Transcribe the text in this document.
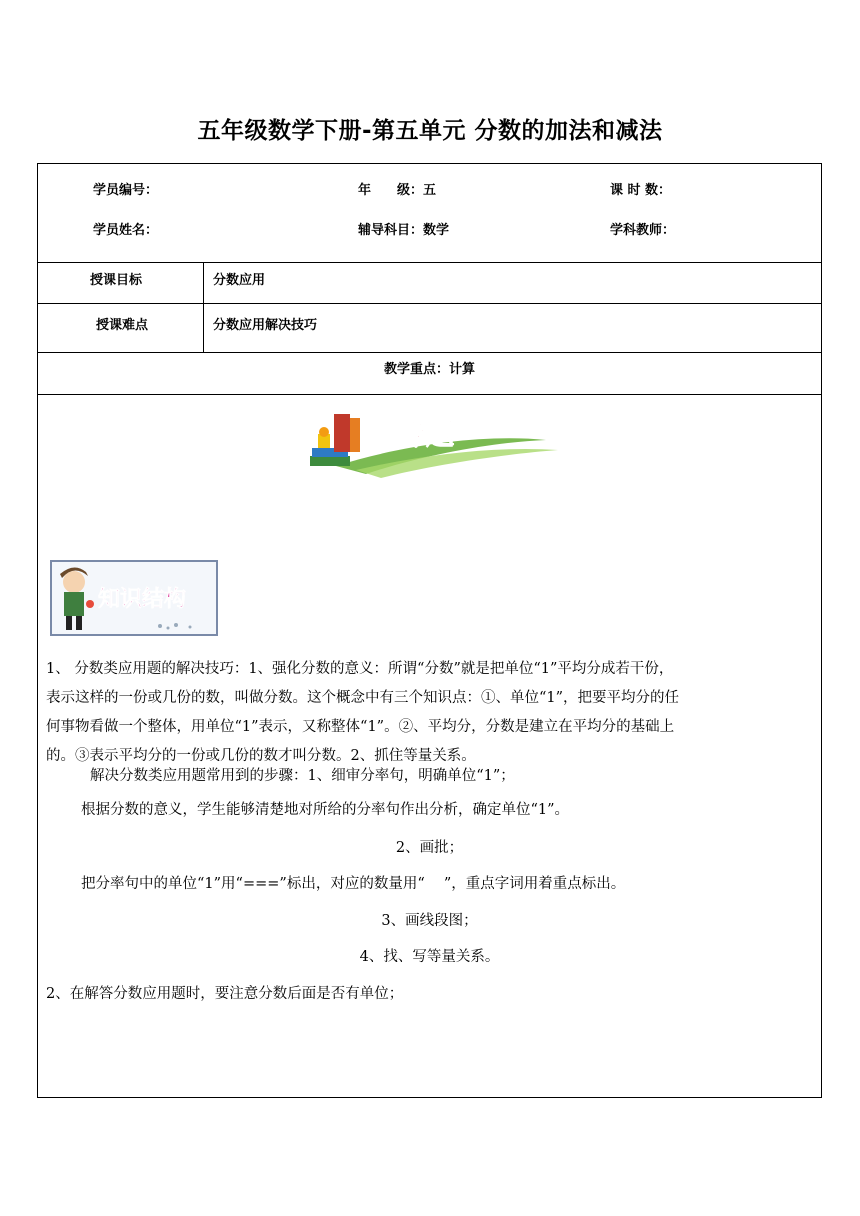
五年级数学下册-第五单元 分数的加法和减法
学员编号：	年　　级：五	课 时 数：
学员姓名：	辅导科目：数学	学科教师：
授课目标	分数应用
授课难点	分数应用解决技巧
教学重点：计算
专题
知识结构
1、 分数类应用题的解决技巧：1、强化分数的意义：所谓“分数”就是把单位“1”平均分成若干份，
表示这样的一份或几份的数，叫做分数。这个概念中有三个知识点：①、单位“1”，把要平均分的任
何事物看做一个整体，用单位“1”表示，又称整体“1”。②、平均分，分数是建立在平均分的基础上
的。③表示平均分的一份或几份的数才叫分数。2、抓住等量关系。
解决分数类应用题常用到的步骤：1、细审分率句，明确单位“1”；
根据分数的意义，学生能够清楚地对所给的分率句作出分析，确定单位“1”。
2、画批；
把分率句中的单位“1”用“===”标出，对应的数量用“　 ”，重点字词用着重点标出。
3、画线段图；
4、找、写等量关系。
2、在解答分数应用题时，要注意分数后面是否有单位；
